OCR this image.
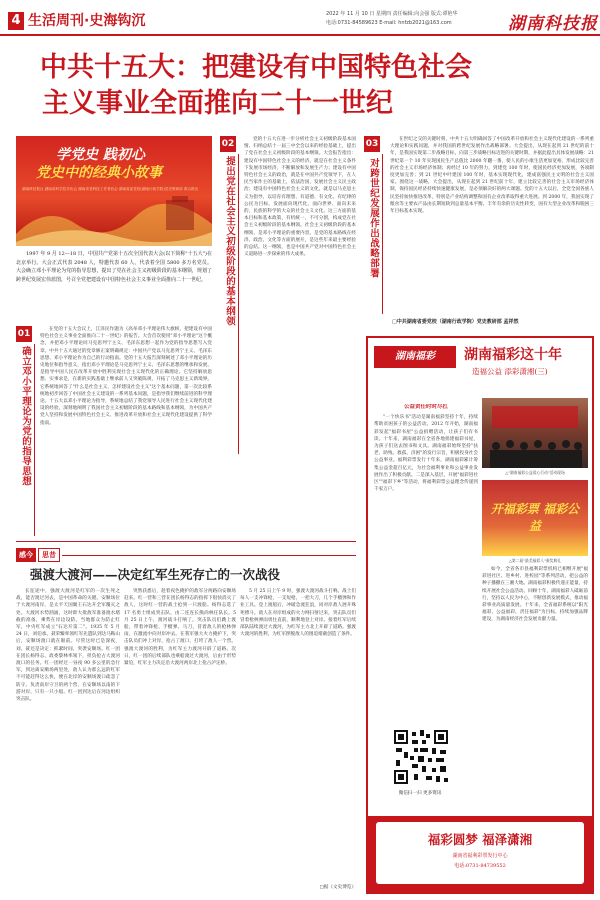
4 生活周刊·史海钩沉	2022 年 11 月 10 日 星期四 责任编辑:向会强 版式:谭艳华
电话:0731-84589623 E-mail: hnfzb2021@163.com	湖南科技报
中共十五大：把建设有中国特色社会
主义事业全面推向二十一世纪
学党史 践初心
党史中的经典小故事
湖南科技报社 湖南省科学技术协会 湖南省老科技工作者协会 湖南省委党校(湖南行政学院)党史教研部 联合推出
1997 年 9 月 12—18 日，中国共产党第十五次全国代表大会(以下简称"十五大")在北京举行。大会正式代表 2048 人，特邀代表 60 人，代表着全国 5800 多万名党员。大会确立邓小平理论为党的指导思想，提出了党在社会主义初级阶段的基本纲领，规划了跨世纪发展宏伟蓝图，号召全党把建设有中国特色社会主义事业全面推向二十一世纪。
01
确立邓小平理论为党的指导思想
在党的十五大会议上，江泽民作题为《高举邓小平理论伟大旗帜，把建设有中国特色社会主义事业全面推向二十一世纪》的报告。大会首次使用"邓小平理论"这个概念，并把邓小平理论同马克思列宁主义、毛泽东思想一起作为党的指导思想写入党章。中共十五大通过的党章修正案明确规定：中国共产党以马克思列宁主义、毛泽东思想、邓小平理论作为自己的行动指南。党的十五大报告深刻阐述了邓小平理论的历史地位和指导意义，指出邓小平理论是马克思列宁主义、毛泽东思想的继承和发展，是指导中国人民在改革开放中胜利实现社会主义现代化的正确理论。它坚持解放思想、实事求是，在新的实践基础上继承前人又突破陈规，开拓了马克思主义新境界。它系统地回答了"什么是社会主义，怎样建设社会主义"这个基本问题，第一次比较系统地初步回答了中国社会主义建设的一系列基本问题，是指导我们继续前进的科学理论。十五大以邓小平理论为指导，系统地总结了我党领导人民进行社会主义现代化建设的经验，深刻地阐明了我国社会主义初级阶段的基本路线和基本纲领，为中国共产党人坚持和发展中国特色社会主义、推进改革开放和社会主义现代化建设提供了科学指南。
02
提出党在社会主义初级阶段的基本纲领
党的十五大在进一步分析社会主义初级阶段基本国情、归纳总结十一届三中全会以来的经验基础上，提出了党在社会主义初级阶段的基本纲领。大会报告指出：建设有中国特色社会主义的经济，就是在社会主义条件下发展市场经济，不断解放和发展生产力；建设有中国特色社会主义的政治，就是在中国共产党领导下，在人民当家作主的基础上，依法治国，发展社会主义民主政治；建设有中国特色社会主义的文化，就是以马克思主义为指导，以培育有理想、有道德、有文化、有纪律的公民为目标，发展面向现代化、面向世界、面向未来的，民族的科学的大众的社会主义文化。这三方面的基本目标和基本政策，有机统一，不可分割，构成党在社会主义初级阶段的基本纲领。社会主义初级阶段的基本纲领，是邓小平理论的重要内容，是党的基本路线在经济、政治、文化等方面的展开，是这些年来最主要经验的总结。这一纲领，也是中国共产党对中国特色社会主义道路进一步探索的伟大成果。
03
对跨世纪发展作出战略部署
在世纪之交的关键时刻，中共十五大明确回答了中国改革开放和社会主义现代化建设的一系列重大理论和实践问题，并对我国的跨世纪发展作出战略部署。大会提出，从现在起到 21 世纪的前十年，是我国实现第二步战略目标，向第三步战略目标迈进的关键时期，并据此提出具体发展战略：21 世纪第一个 10 年实现国民生产总值比 2000 年翻一番，使人民的小康生活更加宽裕，形成比较完善的社会主义市场经济体制；再经过 10 年的努力，到建党 100 年时，使国民经济更加发展，各项制度更加完善；到 21 世纪中叶建国 100 年时，基本实现现代化，建成富强民主文明的社会主义国家。围绕这一战略，大会提出，从现在起到 21 世纪前十年，建立比较完善的社会主义市场经济体制，保持国民经济持续快速健康发展，是必须解决好的两大课题。党的十五大以后，全党全国各族人民坚持加快推进改革，特别是产业结构调整和国有企业改革取得重大进展。到 2000 年，我国实现了粮食等主要农产品由长期短缺到总量基本平衡、丰年有余的历史性转变，国有大型企业改革和脱困三年目标基本实现。
□中共湖南省委党校（湖南行政学院）党史教研部 孟祥然
感今	思昔
强渡大渡河——决定红军生死存亡的一次战役
长征途中，强渡大渡河是红军的一次生死之战，能否渡过河去，是中国革命的关键。安顺场位于大渡河南岸，是太平天国翼王石达开全军覆灭之处。大渡河水势汹涌，这时即大批敌军准备渡水堵截的准备，乘势在岸边设防。当地群众为防止红军，中央红军成立"石达开第二"。1935 年 5 月 24 日，刘伯承、聂荣臻率领红军先遣队到达马鞍山后，安顺场渡口就在眼前。尽管这时已是深夜，刘、聂还是决定：抓紧时间，突袭安顺场。红一团在团长杨得志、政委黎林率领下，担负抢占大渡河渡口的任务。红一团经过一昼夜 90 多公里的急行军，到达离安顺场两里处，敌人认为那么远的红军不可能赶得这么快，便在北岸的安顺场渡口疏忽了防守。负责南岸守卫的两个营，在安顺场以南的下游对岸，只有一只小船。红一团到达后在河边组织突击队。
突然获悉后，趁着夜色掩护的敌军分两路向安顺场赶来。红一营和三营在团长杨得志的指挥下很快消灭了敌人，这时红一营的战士抢到一只渡船。杨得志选了 17 名勇士组成突击队，由二连连长熊尚林任队长。5 月 25 日上午，渡河战斗打响了。突击队员们跳上渡船，带着冲锋枪、手榴弹、马刀，冒着敌人的枪林弹雨，在激流中向对岸冲去。在我军强大火力掩护下，突击队员们冲上对岸，抢占了渡口，打垮了敌人一个营。强渡大渡河的胜利，为红军主力渡河开辟了道路。次日，红一团的后续部队也乘船渡过大渡河，后由于形势紧迫，红军主力决定沿大渡河两岸北上抢占泸定桥。
5 月 25 日上午 9 时，强渡大渡河战斗打响。战士们每人一支冲锋枪，一支短枪，一把大刀，几个手榴弹和作业工具。登上渡船后，冲破急流狂浪，同对岸敌人展开殊死搏斗。敌人在对岸组成的火力网扫射过来，突击队员们冒着枪林弹雨勇往直前，顺利地登上对岸。接着红军后续部队陆续渡过大渡河，为红军主力北上开辟了道路。强渡大渡河的胜利，为红军摆脱敌人的围追堵截创造了条件。
□据《文史博览》
湖南福彩	湖南福彩这十年
造福公益 添彩潇湘(三)
公益责任时时尽扛
"一个快乐书"活动是湖南福彩坚持十年，持续帮助贫困孩子的公益活动。2012 年开始，湖南福彩发起"福彩书屋"公益捐赠活动，让孩子们有书读。十年来，湖南福彩在全省各地捐建福彩书屋，为孩子们送去图书和文具。湖南福彩始终坚持"扶老、助残、救孤、济困"的发行宗旨，积极投身社会公益事业。福利彩票发行十年来，湖南福彩累计筹集公益金超百亿元，为社会福利事业和公益事业发展作出了积极贡献。二是深入基层，开展"福彩进社区""福彩下乡"等活动，将福利彩票公益理念传递到千家万户。
△"湖南福彩公益爱心行动"活动现场
开福彩票 福彩公益
△第二届"最美福彩人"颁奖典礼
如今，全省各市县福利彩票机构已相继开展"福彩进社区、进乡村、进校园"等系列活动，把公益的种子播撒在三湘大地。湖南福彩积极传递正能量，持续开展社会公益活动。回顾十年，湖南福彩人砥砺前行，坚持以人民为中心，不断创新发展模式，推动福彩事业高质量发展。十年来，全省福彩系统以"阳光福彩、公益福彩、责任福彩"为目标，持续加强品牌建设，为湖南经济社会发展贡献力量。
微信扫一扫 更多资讯
福彩圆梦 福泽潇湘
湖南省福利彩票发行中心
电话:0731-84739552
